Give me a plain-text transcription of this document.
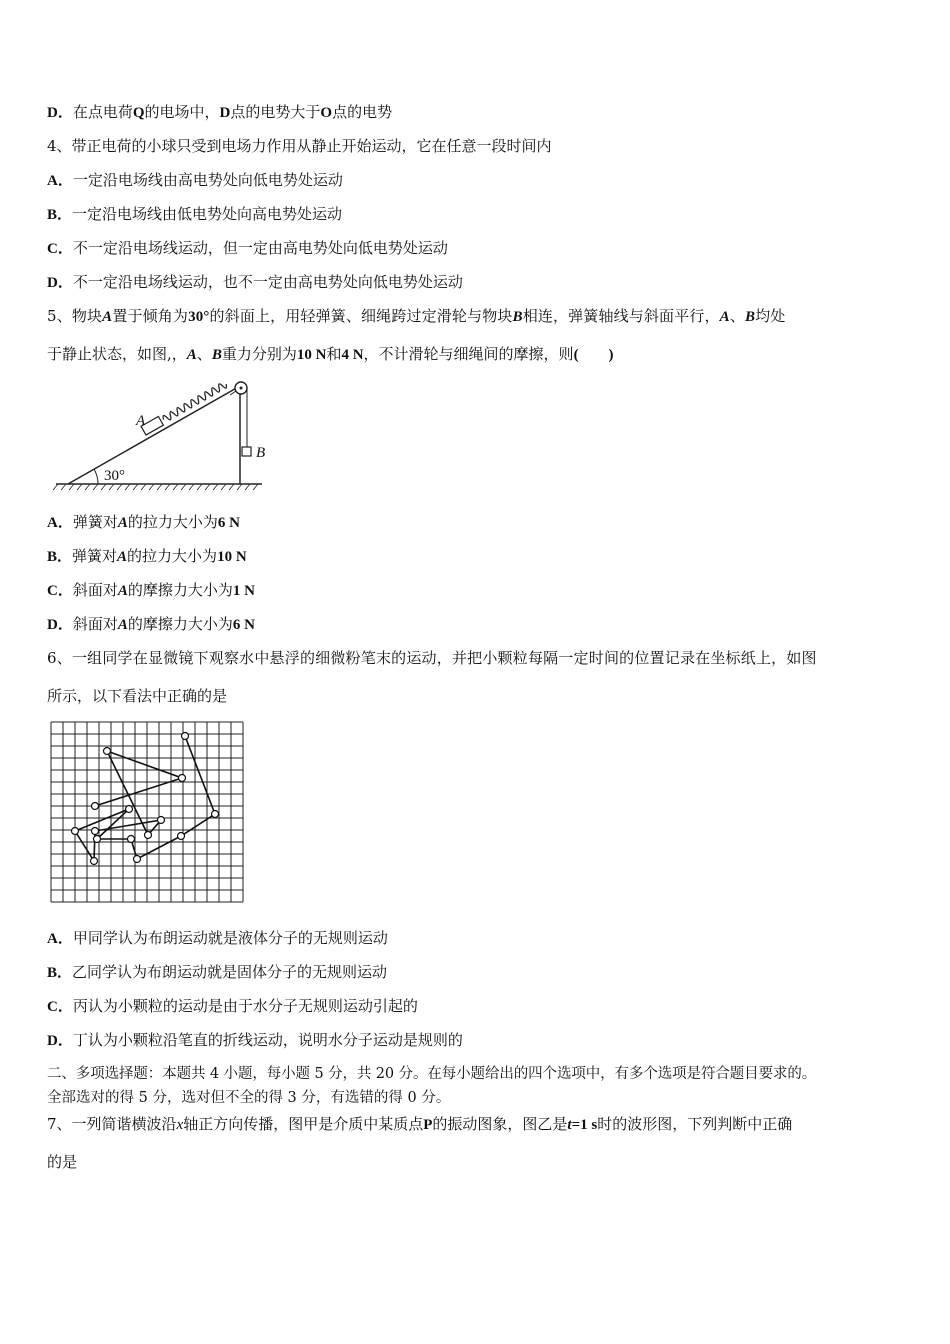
D．在点电荷Q的电场中，D点的电势大于O点的电势
4、带正电荷的小球只受到电场力作用从静止开始运动，它在任意一段时间内
A．一定沿电场线由高电势处向低电势处运动
B．一定沿电场线由低电势处向高电势处运动
C．不一定沿电场线运动，但一定由高电势处向低电势处运动
D．不一定沿电场线运动，也不一定由高电势处向低电势处运动
5、物块A置于倾角为30°的斜面上，用轻弹簧、细绳跨过定滑轮与物块B相连，弹簧轴线与斜面平行，A、B均处
于静止状态，如图,，A、B重力分别为10 N和4 N，不计滑轮与细绳间的摩擦，则(　　)
30°
A
B
A．弹簧对A的拉力大小为6 N
B．弹簧对A的拉力大小为10 N
C．斜面对A的摩擦力大小为1 N
D．斜面对A的摩擦力大小为6 N
6、一组同学在显微镜下观察水中悬浮的细微粉笔末的运动，并把小颗粒每隔一定时间的位置记录在坐标纸上，如图
所示，以下看法中正确的是
A．甲同学认为布朗运动就是液体分子的无规则运动
B．乙同学认为布朗运动就是固体分子的无规则运动
C．丙认为小颗粒的运动是由于水分子无规则运动引起的
D．丁认为小颗粒沿笔直的折线运动，说明水分子运动是规则的
二、多项选择题：本题共 4 小题，每小题 5 分，共 20 分。在每小题给出的四个选项中，有多个选项是符合题目要求的。
全部选对的得 5 分，选对但不全的得 3 分，有选错的得 0 分。
7、一列简谐横波沿x轴正方向传播，图甲是介质中某质点P的振动图象，图乙是t=1 s时的波形图，下列判断中正确
的是
